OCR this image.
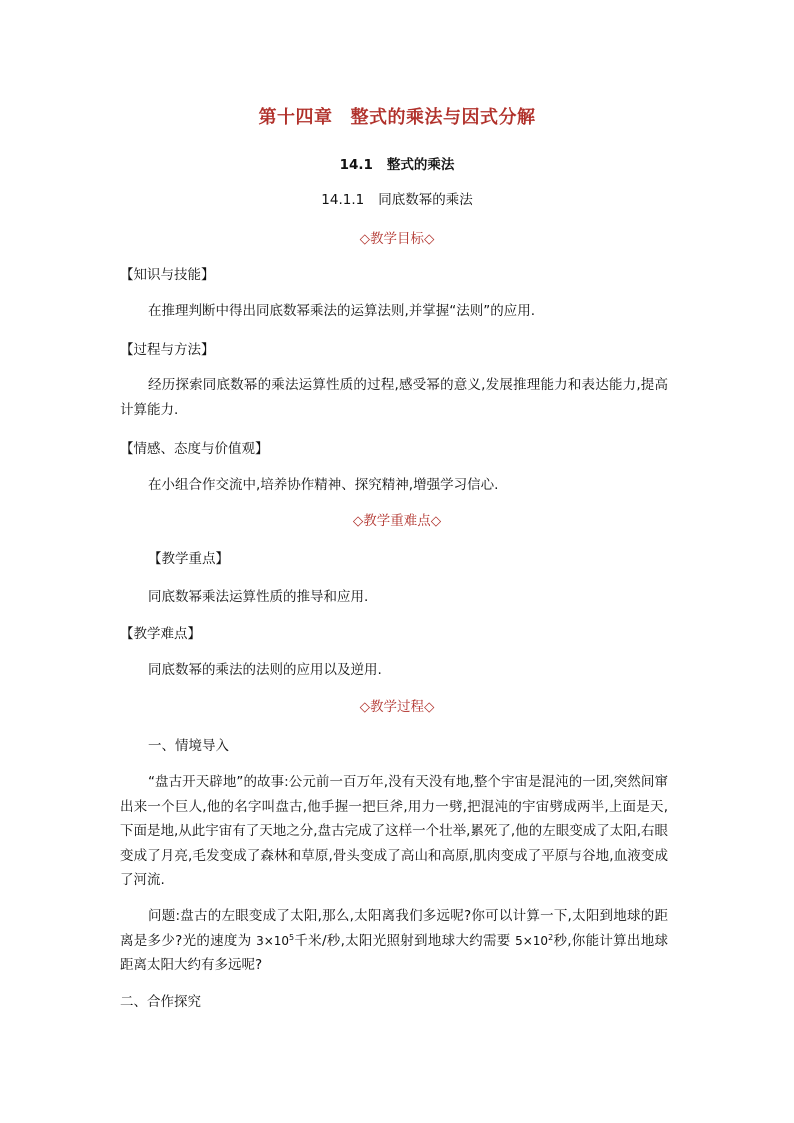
第十四章 整式的乘法与因式分解
14.1 整式的乘法
14.1.1 同底数幂的乘法
◇教学目标◇
【知识与技能】
在推理判断中得出同底数幂乘法的运算法则,并掌握“法则”的应用.
【过程与方法】

经历探索同底数幂的乘法运算性质的过程,感受幂的意义,发展推理能力和表达能力,提高计算能力.

【情感、态度与价值观】
在小组合作交流中,培养协作精神、探究精神,增强学习信心.
◇教学重难点◇
【教学重点】
同底数幂乘法运算性质的推导和应用.
【教学难点】
同底数幂的乘法的法则的应用以及逆用.
◇教学过程◇
一、情境导入

“盘古开天辟地”的故事:公元前一百万年,没有天没有地,整个宇宙是混沌的一团,突然间窜出来一个巨人,他的名字叫盘古,他手握一把巨斧,用力一劈,把混沌的宇宙劈成两半,上面是天,下面是地,从此宇宙有了天地之分,盘古完成了这样一个壮举,累死了,他的左眼变成了太阳,右眼变成了月亮,毛发变成了森林和草原,骨头变成了高山和高原,肌肉变成了平原与谷地,血液变成了河流.

问题:盘古的左眼变成了太阳,那么,太阳离我们多远呢?你可以计算一下,太阳到地球的距离是多少?光的速度为 $3\times 10^5$千米/秒,太阳光照射到地球大约需要 $5\times 10^2$秒,你能计算出地球距离太阳大约有多远呢?

二、合作探究
